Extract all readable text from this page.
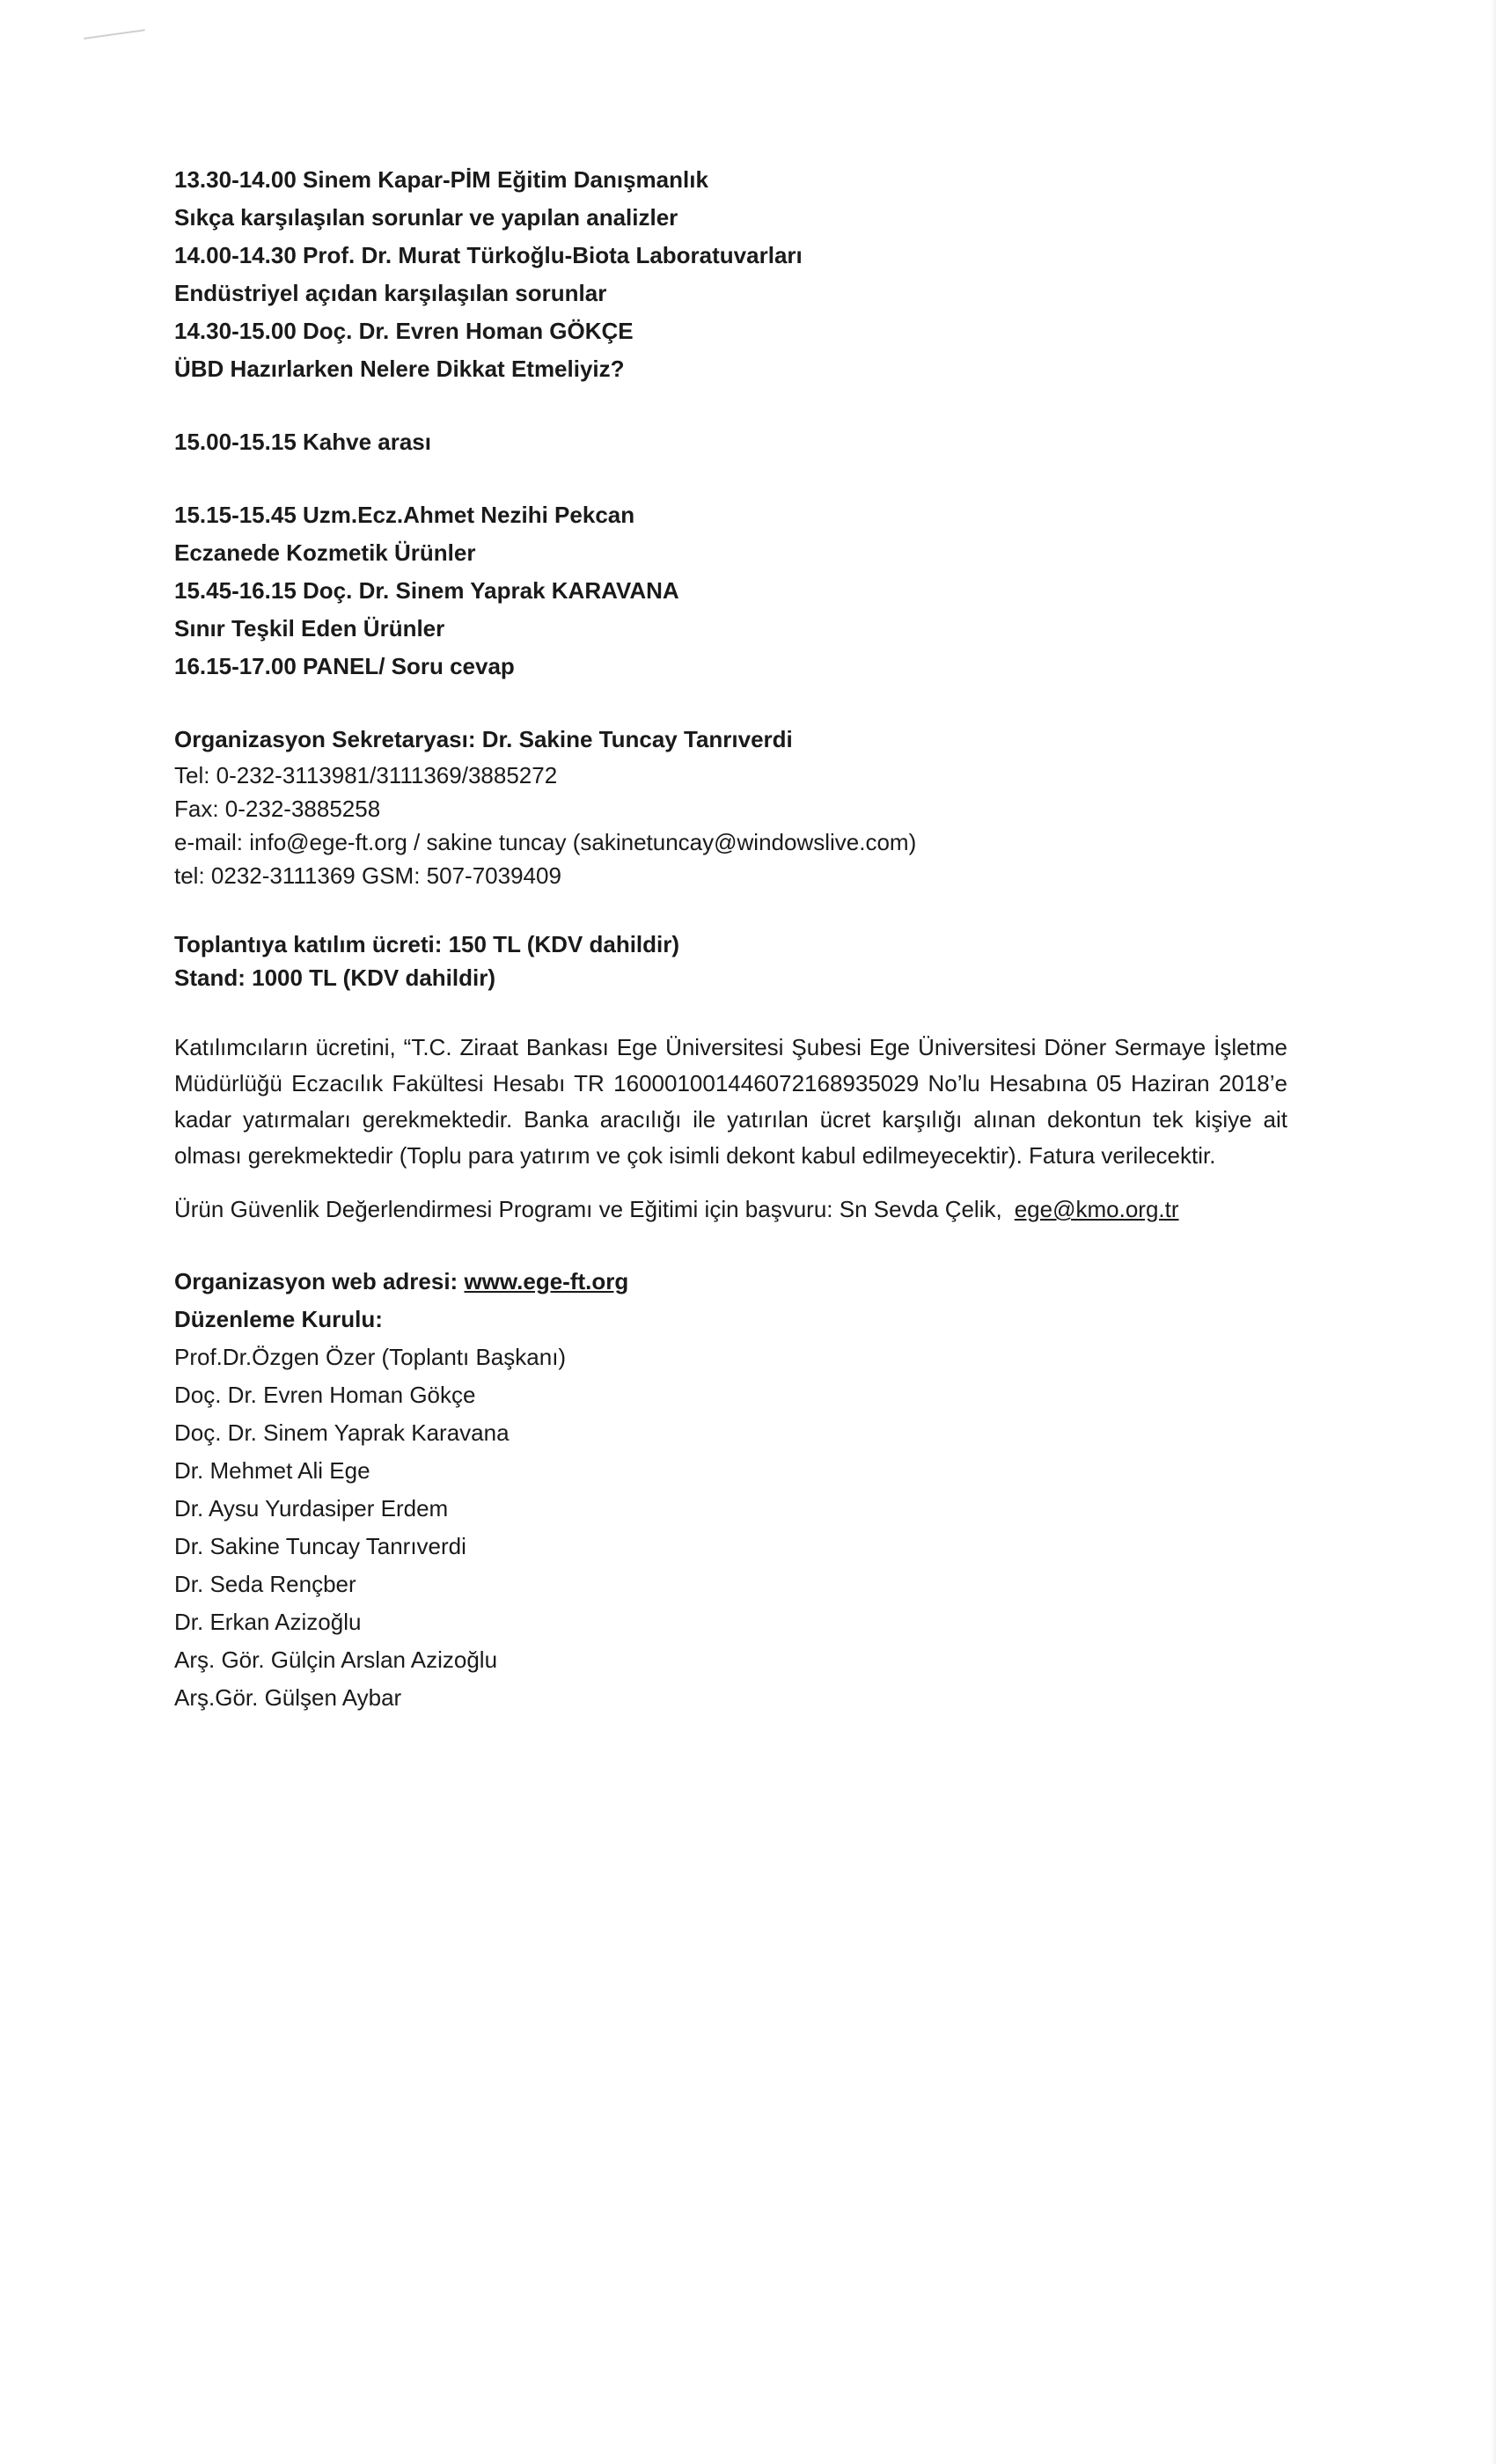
13.30-14.00 Sinem Kapar-PİM Eğitim Danışmanlık
Sıkça karşılaşılan sorunlar ve yapılan analizler
14.00-14.30 Prof. Dr. Murat Türkoğlu-Biota Laboratuvarları
Endüstriyel açıdan karşılaşılan sorunlar
14.30-15.00 Doç. Dr. Evren Homan GÖKÇE
ÜBD Hazırlarken Nelere Dikkat Etmeliyiz?
15.00-15.15 Kahve arası
15.15-15.45 Uzm.Ecz.Ahmet Nezihi Pekcan
Eczanede Kozmetik Ürünler
15.45-16.15 Doç. Dr. Sinem Yaprak KARAVANA
Sınır Teşkil Eden Ürünler
16.15-17.00 PANEL/ Soru cevap
Organizasyon Sekretaryası: Dr. Sakine Tuncay Tanrıverdi
Tel: 0-232-3113981/3111369/3885272
Fax: 0-232-3885258
e-mail: info@ege-ft.org / sakine tuncay (sakinetuncay@windowslive.com)
tel: 0232-3111369 GSM: 507-7039409
Toplantıya katılım ücreti: 150 TL (KDV dahildir)
Stand: 1000 TL (KDV dahildir)
Katılımcıların ücretini, “T.C. Ziraat Bankası Ege Üniversitesi Şubesi Ege Üniversitesi Döner Sermaye İşletme Müdürlüğü Eczacılık Fakültesi Hesabı TR 160001001446072168935029 No’lu Hesabına 05 Haziran 2018’e kadar yatırmaları gerekmektedir. Banka aracılığı ile yatırılan ücret karşılığı alınan dekontun tek kişiye ait olması gerekmektedir (Toplu para yatırım ve çok isimli dekont kabul edilmeyecektir). Fatura verilecektir.
Ürün Güvenlik Değerlendirmesi Programı ve Eğitimi için başvuru: Sn Sevda Çelik, ege@kmo.org.tr
Organizasyon web adresi: www.ege-ft.org
Düzenleme Kurulu:
Prof.Dr.Özgen Özer (Toplantı Başkanı)
Doç. Dr. Evren Homan Gökçe
Doç. Dr. Sinem Yaprak Karavana
Dr. Mehmet Ali Ege
Dr. Aysu Yurdasiper Erdem
Dr. Sakine Tuncay Tanrıverdi
Dr. Seda Rençber
Dr. Erkan Azizoğlu
Arş. Gör. Gülçin Arslan Azizoğlu
Arş.Gör. Gülşen Aybar
